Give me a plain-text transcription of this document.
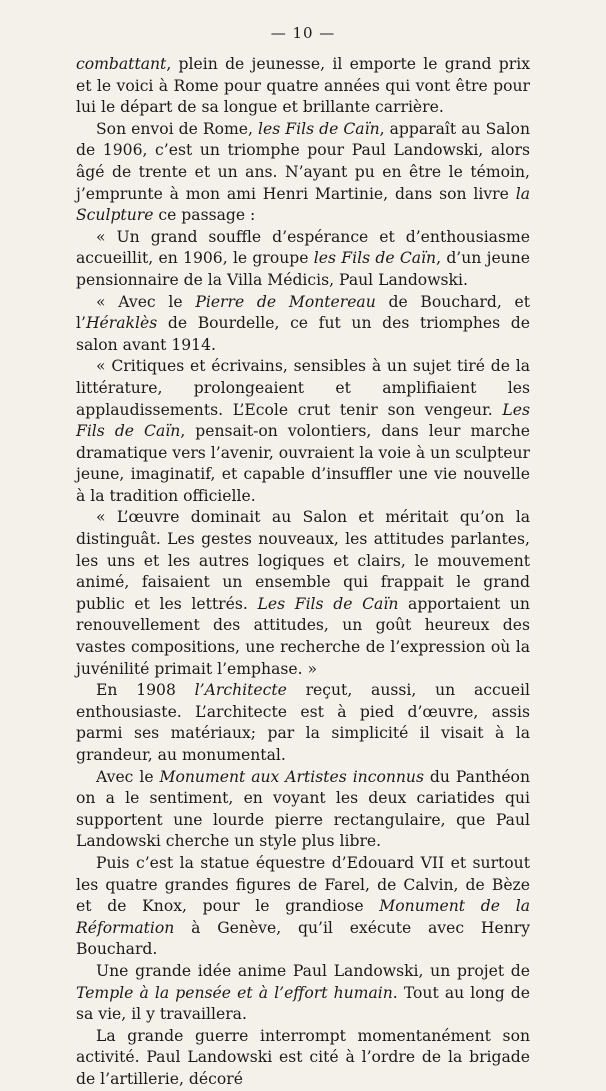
— 10 —

combattant, plein de jeunesse, il emporte le grand prix et le voici à Rome pour quatre années qui vont être pour lui le départ de sa longue et brillante carrière.

Son envoi de Rome, les Fils de Caïn, apparaît au Salon de 1906, c’est un triomphe pour Paul Landowski, alors âgé de trente et un ans. N’ayant pu en être le témoin, j’emprunte à mon ami Henri Martinie, dans son livre la Sculpture ce passage :

« Un grand souffle d’espérance et d’enthousiasme accueillit, en 1906, le groupe les Fils de Caïn, d’un jeune pensionnaire de la Villa Médicis, Paul Landowski.

« Avec le Pierre de Montereau de Bouchard, et l’Héraklès de Bourdelle, ce fut un des triomphes de salon avant 1914.

« Critiques et écrivains, sensibles à un sujet tiré de la littérature, prolongeaient et amplifiaient les applaudissements. L’Ecole crut tenir son vengeur. Les Fils de Caïn, pensait-on volontiers, dans leur marche dramatique vers l’avenir, ouvraient la voie à un sculpteur jeune, imaginatif, et capable d’insuffler une vie nouvelle à la tradition officielle.

« L’œuvre dominait au Salon et méritait qu’on la distinguât. Les gestes nouveaux, les attitudes parlantes, les uns et les autres logiques et clairs, le mouvement animé, faisaient un ensemble qui frappait le grand public et les lettrés. Les Fils de Caïn apportaient un renouvellement des attitudes, un goût heureux des vastes compositions, une recherche de l’expression où la juvénilité primait l’emphase. »

En 1908 l’Architecte reçut, aussi, un accueil enthousiaste. L’architecte est à pied d’œuvre, assis parmi ses matériaux; par la simplicité il visait à la grandeur, au monumental.

Avec le Monument aux Artistes inconnus du Panthéon on a le sentiment, en voyant les deux cariatides qui supportent une lourde pierre rectangulaire, que Paul Landowski cherche un style plus libre.

Puis c’est la statue équestre d’Edouard VII et surtout les quatre grandes figures de Farel, de Calvin, de Bèze et de Knox, pour le grandiose Monument de la Réformation à Genève, qu’il exécute avec Henry Bouchard.

Une grande idée anime Paul Landowski, un projet de Temple à la pensée et à l’effort humain. Tout au long de sa vie, il y travaillera.

La grande guerre interrompt momentanément son activité. Paul Landowski est cité à l’ordre de la brigade de l’artillerie, décoré
